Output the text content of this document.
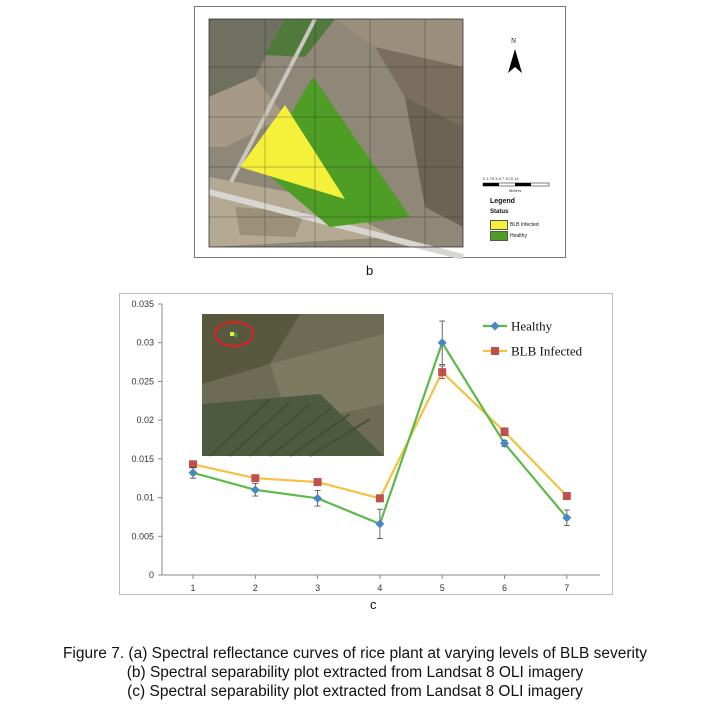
N
0 1.75 3.5 7 10.5 14
Meters
Legend
Status
BLB Infected
Healthy
b
0
0.005
0.01
0.015
0.02
0.025
0.03
0.035
1	2	3	4	5	6	7
Healthy
BLB Infected
c
Figure 7. (a) Spectral reflectance curves of rice plant at varying levels of BLB severity
(b) Spectral separability plot extracted from Landsat 8 OLI imagery
(c) Spectral separability plot extracted from Landsat 8 OLI imagery
